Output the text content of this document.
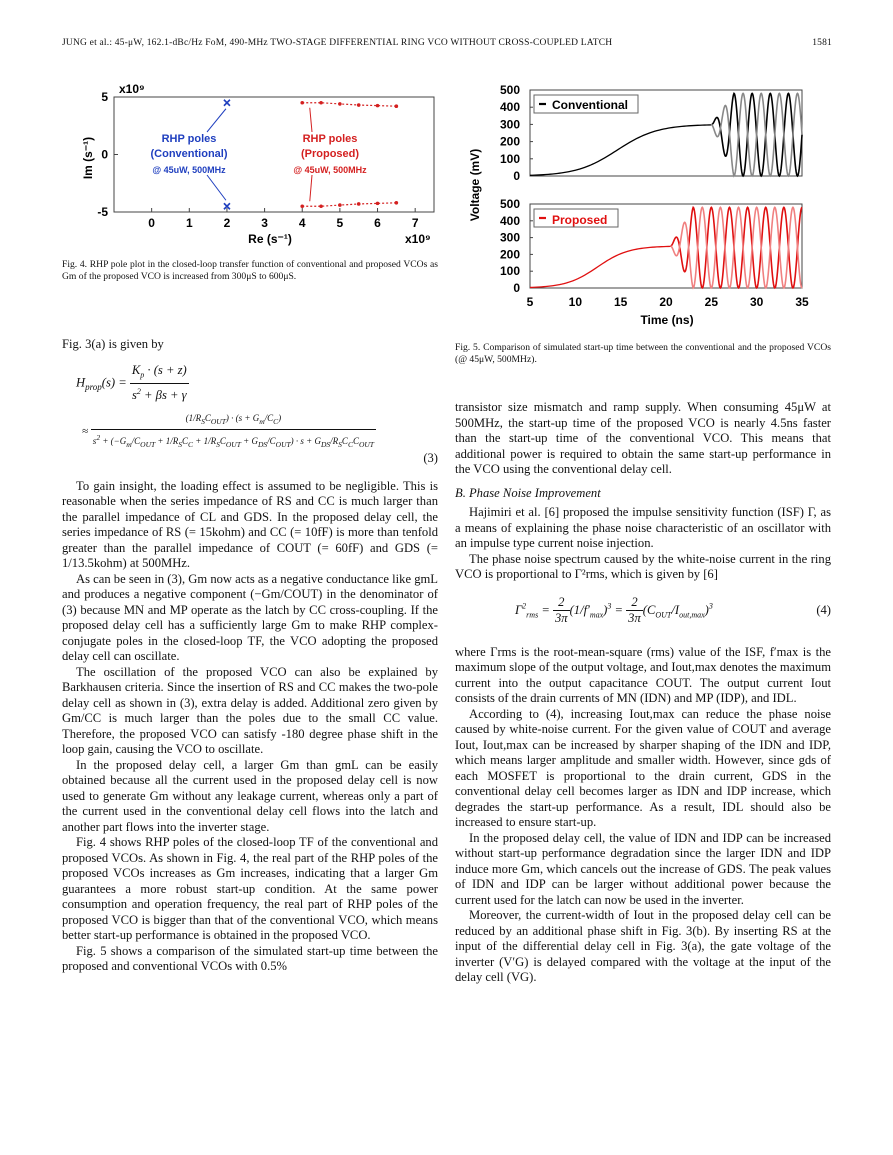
JUNG et al.: 45-μW, 162.1-dBc/Hz FoM, 490-MHz TWO-STAGE DIFFERENTIAL RING VCO WITHOUT CROSS-COUPLED LATCH	1581
0	1	2	3	4	5	6	7
-5
0
5
x10⁹
x10⁹
Im (s⁻¹)
Re (s⁻¹)
RHP poles
(Conventional)
@ 45uW, 500MHz
RHP poles
(Proposed)
@ 45uW, 500MHz
Fig. 4. RHP pole plot in the closed-loop transfer function of conventional and proposed VCOs as Gm of the proposed VCO is increased from 300μS to 600μS.
0
100
200
300
400
500
0
100
200
300
400
500
5	10	15	20	25	30	35
Voltage (mV)
Time (ns)
Conventional
Proposed
Fig. 5. Comparison of simulated start-up time between the conventional and the proposed VCOs (@ 45μW, 500MHz).

Fig. 3(a) is given by

$H_{prop}(s) = \frac{K_p \cdot (s + z)}{s^2 + \beta s + \gamma}$
≈
$(1/R_SC_{OUT}) \cdot (s + G_m/C_C)$
$s^2 + (-G_m/C_{OUT} + 1/R_SC_C + 1/R_SC_{OUT} + G_{DS}/C_{OUT}) \cdot s + G_{DS}/R_SC_CC_{OUT}$
(3)

To gain insight, the loading effect is assumed to be negligible. This is reasonable when the series impedance of RS and CC is much larger than the parallel impedance of CL and GDS. In the proposed delay cell, the series impedance of RS (= 15kohm) and CC (= 10fF) is more than tenfold greater than the parallel impedance of COUT (= 60fF) and GDS (= 1/13.5kohm) at 500MHz.

As can be seen in (3), Gm now acts as a negative conductance like gmL and produces a negative component (−Gm/COUT) in the denominator of (3) because MN and MP operate as the latch by CC cross-coupling. If the proposed delay cell has a sufficiently large Gm to make RHP complex-conjugate poles in the closed-loop TF, the VCO adopting the proposed delay cell can oscillate.

The oscillation of the proposed VCO can also be explained by Barkhausen criteria. Since the insertion of RS and CC makes the two-pole delay cell as shown in (3), extra delay is added. Additional zero given by Gm/CC is much larger than the poles due to the small CC value. Therefore, the proposed VCO can satisfy -180 degree phase shift in the loop gain, causing the VCO to oscillate.

In the proposed delay cell, a larger Gm than gmL can be easily obtained because all the current used in the proposed delay cell is now used to generate Gm without any leakage current, whereas only a part of the current used in the conventional delay cell flows into the latch and another part flows into the inverter stage.

Fig. 4 shows RHP poles of the closed-loop TF of the conventional and proposed VCOs. As shown in Fig. 4, the real part of the RHP poles of the proposed VCOs increases as Gm increases, indicating that a larger Gm guarantees a more robust start-up condition. At the same power consumption and operation frequency, the real part of RHP poles of the proposed VCO is bigger than that of the conventional VCO, which means better start-up performance is obtained in the proposed VCO.

Fig. 5 shows a comparison of the simulated start-up time between the proposed and conventional VCOs with 0.5%

transistor size mismatch and ramp supply. When consuming 45μW at 500MHz, the start-up time of the proposed VCO is nearly 4.5ns faster than the start-up time of the conventional VCO. This means that additional power is required to obtain the same start-up performance in the VCO using the conventional delay cell.

B. Phase Noise Improvement

Hajimiri et al. [6] proposed the impulse sensitivity function (ISF) Γ, as a means of explaining the phase noise characteristic of an oscillator with an impulse type current noise injection.

The phase noise spectrum caused by the white-noise current in the ring VCO is proportional to Γ²rms, which is given by [6]

$\Gamma^2_{rms} = \frac{2}{3\pi} (1/f'_{max})^3 = \frac{2}{3\pi} (C_{OUT}/I_{out,max})^3$	(4)

where Γrms is the root-mean-square (rms) value of the ISF, f′max is the maximum slope of the output voltage, and Iout,max denotes the maximum current into the output capacitance COUT. The output current Iout consists of the drain currents of MN (IDN) and MP (IDP), and IDL.

According to (4), increasing Iout,max can reduce the phase noise caused by white-noise current. For the given value of COUT and average Iout, Iout,max can be increased by sharper shaping of the IDN and IDP, which means larger amplitude and smaller width. However, since gds of each MOSFET is proportional to the drain current, GDS in the conventional delay cell becomes larger as IDN and IDP increase, which degrades the start-up performance. As a result, IDL should also be increased to ensure start-up.

In the proposed delay cell, the value of IDN and IDP can be increased without start-up performance degradation since the larger IDN and IDP induce more Gm, which cancels out the increase of GDS. The peak values of IDN and IDP can be larger without additional power because the current used for the latch can now be used in the inverter.

Moreover, the current-width of Iout in the proposed delay cell can be reduced by an additional phase shift in Fig. 3(b). By inserting RS at the input of the differential delay cell in Fig. 3(a), the gate voltage of the inverter (V′G) is delayed compared with the voltage at the input of the delay cell (VG).
